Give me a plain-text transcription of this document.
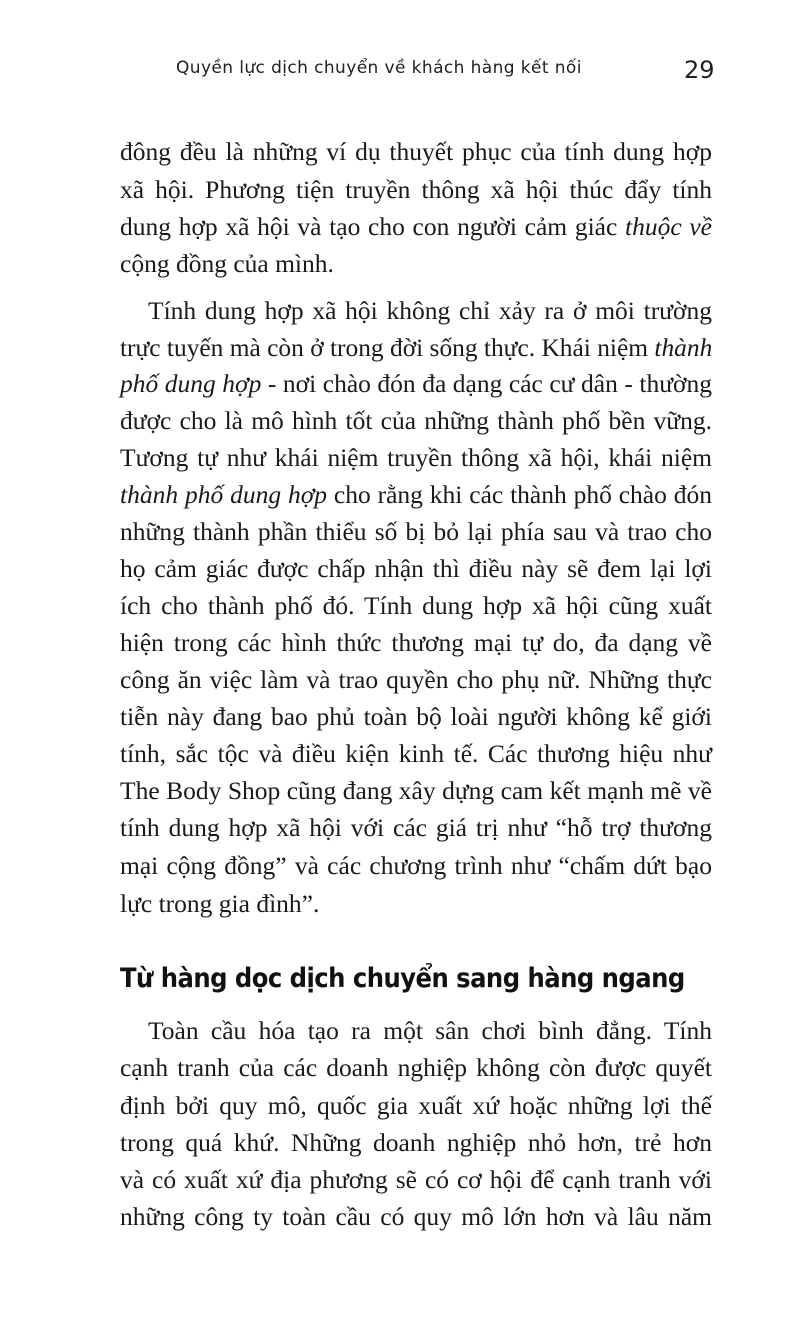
Quyền lực dịch chuyển về khách hàng kết nối	29
đông đều là những ví dụ thuyết phục của tính dung hợp
xã hội. Phương tiện truyền thông xã hội thúc đẩy tính
dung hợp xã hội và tạo cho con người cảm giác thuộc về
cộng đồng của mình.
Tính dung hợp xã hội không chỉ xảy ra ở môi trường
trực tuyến mà còn ở trong đời sống thực. Khái niệm thành
phố dung hợp - nơi chào đón đa dạng các cư dân - thường
được cho là mô hình tốt của những thành phố bền vững.
Tương tự như khái niệm truyền thông xã hội, khái niệm
thành phố dung hợp cho rằng khi các thành phố chào đón
những thành phần thiểu số bị bỏ lại phía sau và trao cho
họ cảm giác được chấp nhận thì điều này sẽ đem lại lợi
ích cho thành phố đó. Tính dung hợp xã hội cũng xuất
hiện trong các hình thức thương mại tự do, đa dạng về
công ăn việc làm và trao quyền cho phụ nữ. Những thực
tiễn này đang bao phủ toàn bộ loài người không kể giới
tính, sắc tộc và điều kiện kinh tế. Các thương hiệu như
The Body Shop cũng đang xây dựng cam kết mạnh mẽ về
tính dung hợp xã hội với các giá trị như “hỗ trợ thương
mại cộng đồng” và các chương trình như “chấm dứt bạo
lực trong gia đình”.
Từ hàng dọc dịch chuyển sang hàng ngang
Toàn cầu hóa tạo ra một sân chơi bình đẳng. Tính
cạnh tranh của các doanh nghiệp không còn được quyết
định bởi quy mô, quốc gia xuất xứ hoặc những lợi thế
trong quá khứ. Những doanh nghiệp nhỏ hơn, trẻ hơn
và có xuất xứ địa phương sẽ có cơ hội để cạnh tranh với
những công ty toàn cầu có quy mô lớn hơn và lâu năm
